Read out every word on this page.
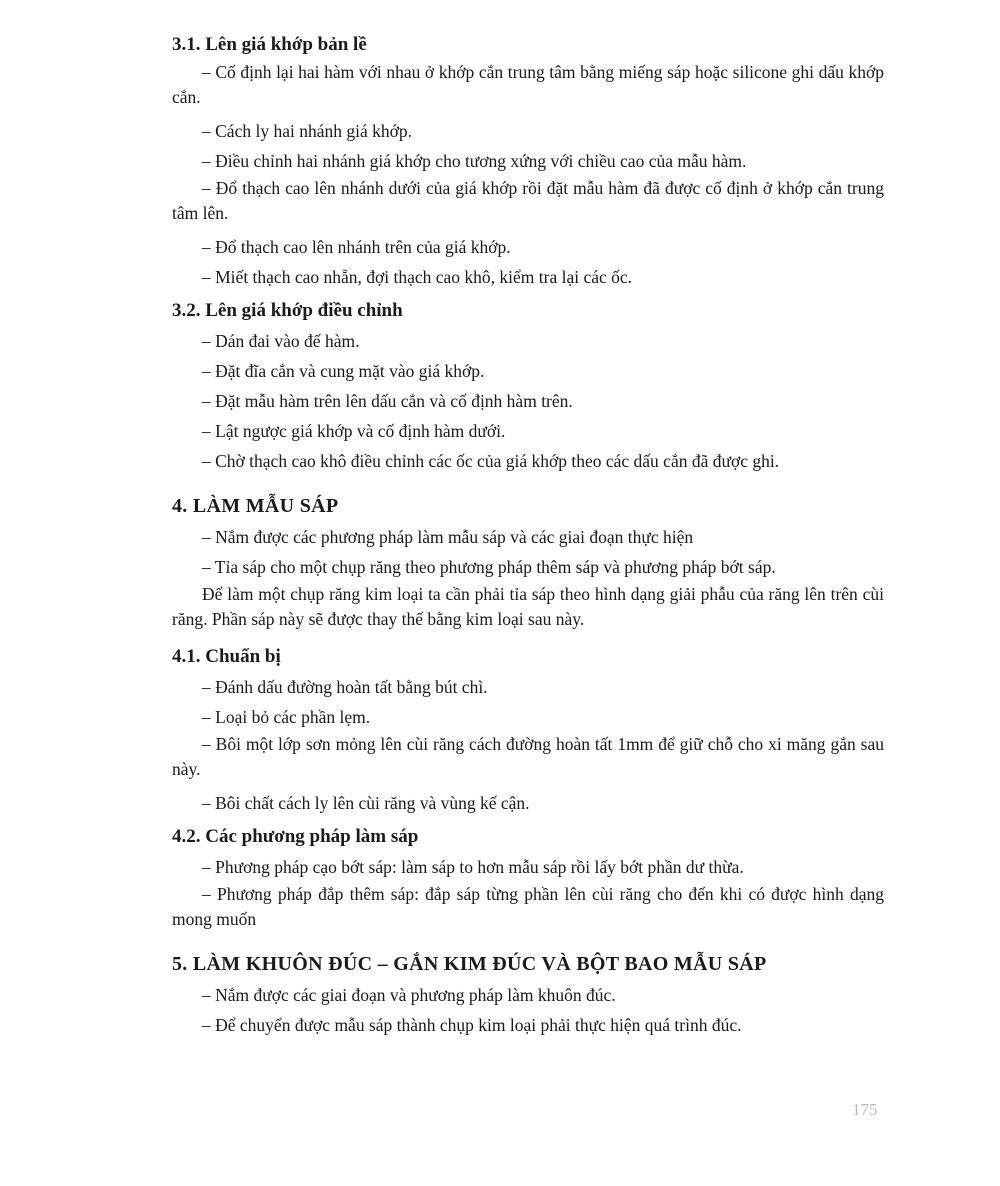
3.1. Lên giá khớp bản lề

– Cố định lại hai hàm với nhau ở khớp cắn trung tâm bằng miếng sáp hoặc silicone ghi dấu khớp cắn.

– Cách ly hai nhánh giá khớp.

– Điều chỉnh hai nhánh giá khớp cho tương xứng với chiều cao của mẫu hàm.

– Đổ thạch cao lên nhánh dưới của giá khớp rồi đặt mẫu hàm đã được cố định ở khớp cắn trung tâm lên.

– Đổ thạch cao lên nhánh trên của giá khớp.

– Miết thạch cao nhẵn, đợi thạch cao khô, kiểm tra lại các ốc.

3.2. Lên giá khớp điều chỉnh

– Dán đai vào đế hàm.

– Đặt đĩa cắn và cung mặt vào giá khớp.

– Đặt mẫu hàm trên lên dấu cắn và cố định hàm trên.

– Lật ngược giá khớp và cố định hàm dưới.

– Chờ thạch cao khô điều chỉnh các ốc của giá khớp theo các dấu cắn đã được ghi.

4. LÀM MẪU SÁP

– Nắm được các phương pháp làm mẫu sáp và các giai đoạn thực hiện

– Tỉa sáp cho một chụp răng theo phương pháp thêm sáp và phương pháp bớt sáp.

Để làm một chụp răng kim loại ta cần phải tỉa sáp theo hình dạng giải phẫu của răng lên trên cùi răng. Phần sáp này sẽ được thay thế bằng kim loại sau này.

4.1. Chuẩn bị

– Đánh dấu đường hoàn tất bằng bút chì.

– Loại bỏ các phần lẹm.

– Bôi một lớp sơn mỏng lên cùi răng cách đường hoàn tất 1mm để giữ chỗ cho xi măng gắn sau này.

– Bôi chất cách ly lên cùi răng và vùng kế cận.

4.2. Các phương pháp làm sáp

– Phương pháp cạo bớt sáp: làm sáp to hơn mẫu sáp rồi lấy bớt phần dư thừa.

– Phương pháp đắp thêm sáp: đắp sáp từng phần lên cùi răng cho đến khi có được hình dạng mong muốn

5. LÀM KHUÔN ĐÚC – GẮN KIM ĐÚC VÀ BỘT BAO MẪU SÁP

– Nắm được các giai đoạn và phương pháp làm khuôn đúc.

– Để chuyển được mẫu sáp thành chụp kim loại phải thực hiện quá trình đúc.

175
